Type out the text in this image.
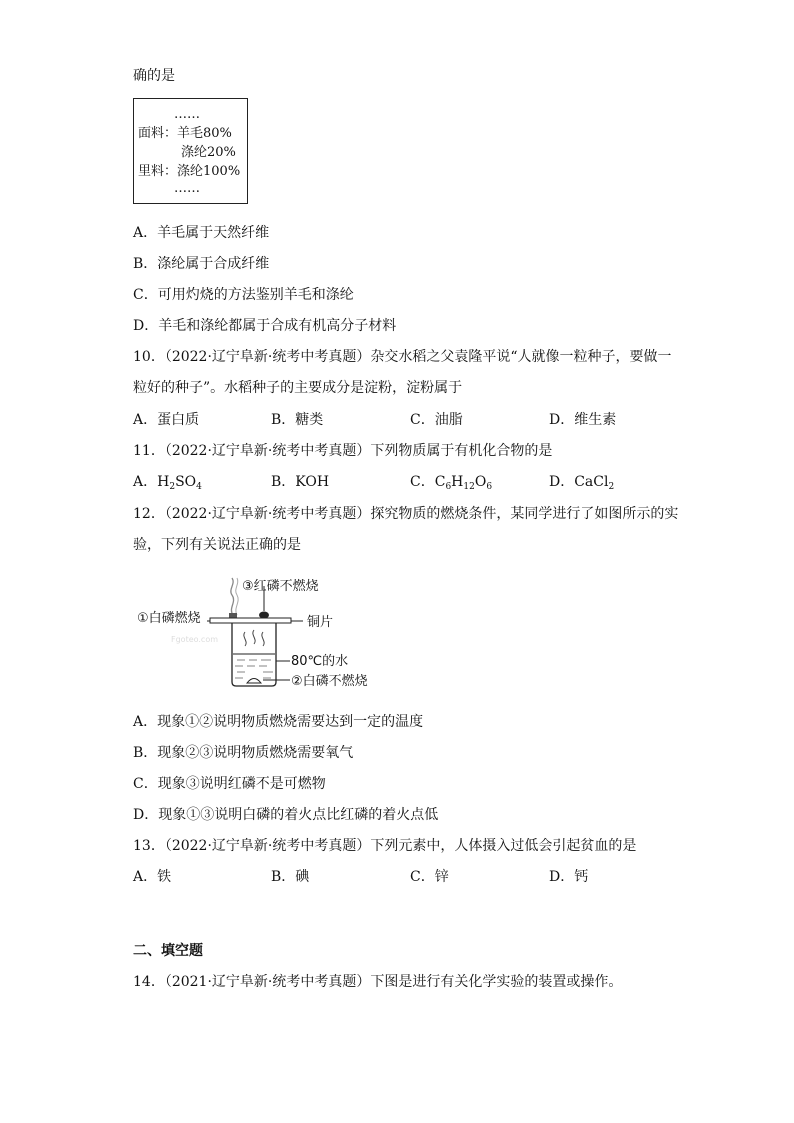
确的是
……
面料：羊毛80%
涤纶20%
里料：涤纶100%
……
A．羊毛属于天然纤维
B．涤纶属于合成纤维
C．可用灼烧的方法鉴别羊毛和涤纶
D．羊毛和涤纶都属于合成有机高分子材料
10．（2022·辽宁阜新·统考中考真题）杂交水稻之父袁隆平说“人就像一粒种子，要做一
粒好的种子”。水稻种子的主要成分是淀粉，淀粉属于
A．蛋白质	B．糖类	C．油脂	D．维生素
11．（2022·辽宁阜新·统考中考真题）下列物质属于有机化合物的是
A．$H_2SO_4$	B．KOH	C．$C_6H_{12}O_6$	D．CaCl$_2$
12．（2022·辽宁阜新·统考中考真题）探究物质的燃烧条件，某同学进行了如图所示的实
验，下列有关说法正确的是
③红磷不燃烧
①白磷燃烧	铜片
80℃的水
②白磷不燃烧
Fgoteo.com
A．现象①②说明物质燃烧需要达到一定的温度
B．现象②③说明物质燃烧需要氧气
C．现象③说明红磷不是可燃物
D．现象①③说明白磷的着火点比红磷的着火点低
13．（2022·辽宁阜新·统考中考真题）下列元素中，人体摄入过低会引起贫血的是
A．铁	B．碘	C．锌	D．钙
二、填空题
14．（2021·辽宁阜新·统考中考真题）下图是进行有关化学实验的装置或操作。
